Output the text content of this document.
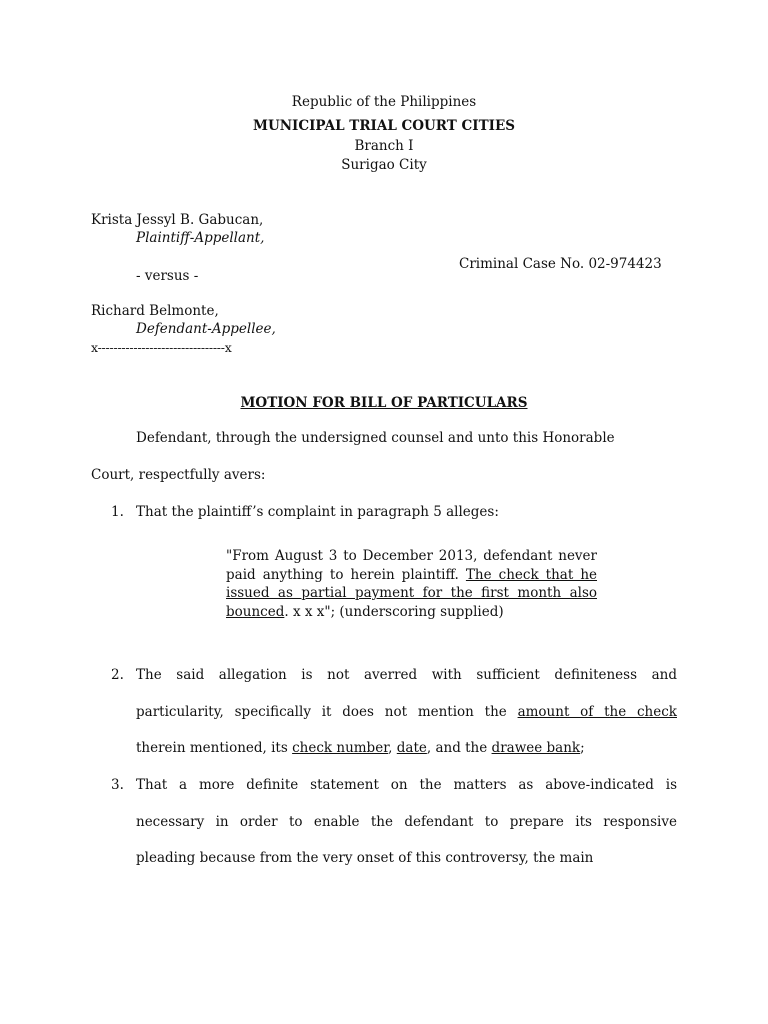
Republic of the Philippines
MUNICIPAL TRIAL COURT CITIES
Branch I
Surigao City
Krista Jessyl B. Gabucan,
Plaintiff-Appellant,
Criminal Case No. 02-974423
- versus -
Richard Belmonte,
Defendant-Appellee,
x--------------------------------x
MOTION FOR BILL OF PARTICULARS
Defendant, through the undersigned counsel and unto this Honorable
Court, respectfully avers:
1. That the plaintiff’s complaint in paragraph 5 alleges:
"From August 3 to December 2013, defendant never paid anything to herein plaintiff. The check that he issued as partial payment for the first month also bounced. x x x"; (underscoring supplied)
2. The said allegation is not averred with sufficient definiteness and
particularity, specifically it does not mention the amount of the check
therein mentioned, its check number, date, and the drawee bank;
3. That a more definite statement on the matters as above-indicated is
necessary in order to enable the defendant to prepare its responsive
pleading because from the very onset of this controversy, the main
